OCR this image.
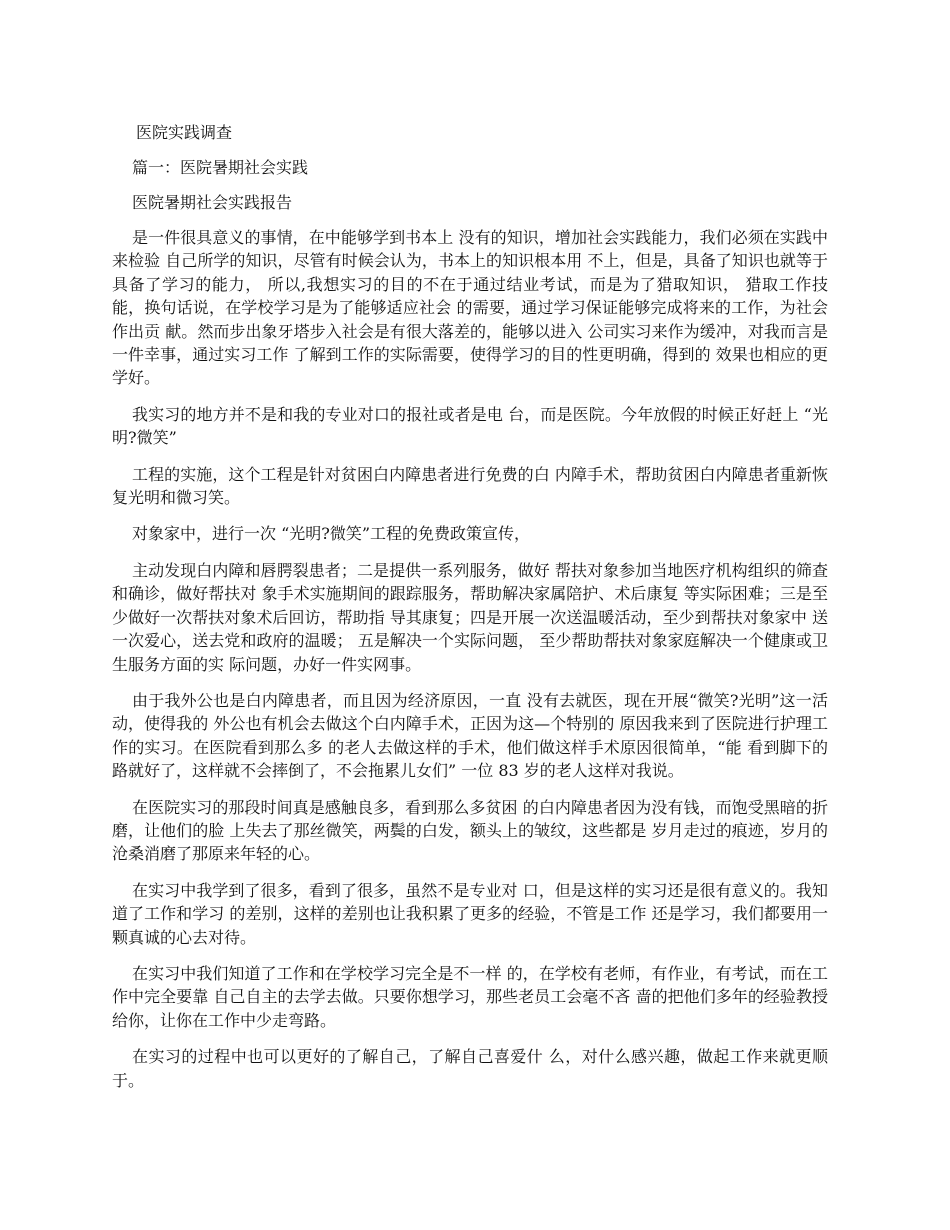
医院实践调查
篇一：医院暑期社会实践
医院暑期社会实践报告

是一件很具意义的事情，在中能够学到书本上 没有的知识，增加社会实践能力，我们必须在实践中来检验 自己所学的知识，尽管有时候会认为，书本上的知识根本用 不上，但是，具备了知识也就等于具备了学习的能力， 所以,我想实习的目的不在于通过结业考试，而是为了猎取知识， 猎取工作技能，换句话说，在学校学习是为了能够适应社会 的需要，通过学习保证能够完成将来的工作，为社会作出贡 献。然而步出象牙塔步入社会是有很大落差的，能够以进入 公司实习来作为缓冲，对我而言是一件幸事，通过实习工作 了解到工作的实际需要，使得学习的目的性更明确，得到的 效果也相应的更学好。

我实习的地方并不是和我的专业对口的报社或者是电 台，而是医院。今年放假的时候正好赶上 “光明?微笑”

工程的实施，这个工程是针对贫困白内障患者进行免费的白 内障手术，帮助贫困白内障患者重新恢复光明和微习笑。

对象家中，进行一次 “光明?微笑”工程的免费政策宣传，

主动发现白内障和唇腭裂患者；二是提供一系列服务，做好 帮扶对象参加当地医疗机构组织的筛查和确诊，做好帮扶对 象手术实施期间的跟踪服务，帮助解决家属陪护、术后康复 等实际困难；三是至少做好一次帮扶对象术后回访，帮助指 导其康复；四是开展一次送温暖活动，至少到帮扶对象家中 送一次爱心，送去党和政府的温暖； 五是解决一个实际问题， 至少帮助帮扶对象家庭解决一个健康或卫生服务方面的实 际问题，办好一件实网事。

由于我外公也是白内障患者，而且因为经济原因，一直 没有去就医，现在开展“微笑?光明”这一活动，使得我的 外公也有机会去做这个白内障手术，正因为这—个特别的 原因我来到了医院进行护理工作的实习。在医院看到那么多 的老人去做这样的手术，他们做这样手术原因很简单，“能 看到脚下的路就好了，这样就不会摔倒了，不会拖累儿女们” 一位 83 岁的老人这样对我说。

在医院实习的那段时间真是感触良多，看到那么多贫困 的白内障患者因为没有钱，而饱受黑暗的折磨，让他们的脸 上失去了那丝微笑，两鬓的白发，额头上的皱纹，这些都是 岁月走过的痕迹，岁月的沧桑消磨了那原来年轻的心。

在实习中我学到了很多，看到了很多，虽然不是专业对 口，但是这样的实习还是很有意义的。我知道了工作和学习 的差别，这样的差别也让我积累了更多的经验，不管是工作 还是学习，我们都要用一颗真诚的心去对待。

在实习中我们知道了工作和在学校学习完全是不一样 的，在学校有老师，有作业，有考试，而在工作中完全要靠 自己自主的去学去做。只要你想学习，那些老员工会毫不吝 啬的把他们多年的经验教授给你，让你在工作中少走弯路。

在实习的过程中也可以更好的了解自己，了解自己喜爱什 么，对什么感兴趣，做起工作来就更顺于。
